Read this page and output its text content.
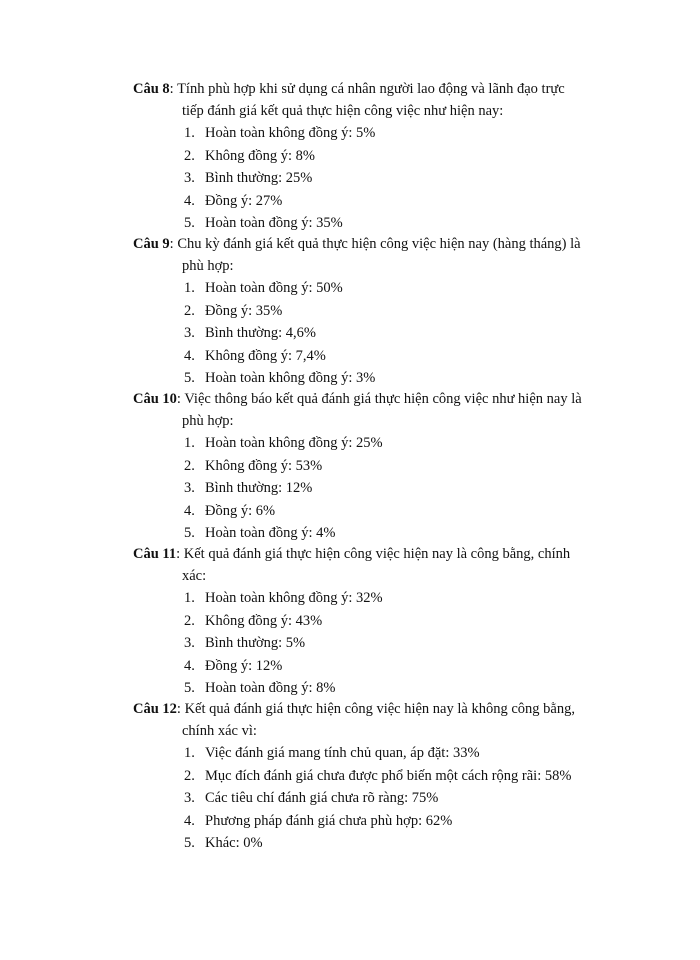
Câu 8: Tính phù hợp khi sử dụng cá nhân người lao động và lãnh đạo trực
tiếp đánh giá kết quả thực hiện công việc như hiện nay:
1. Hoàn toàn không đồng ý: 5%
2. Không đồng ý: 8%
3. Bình thường: 25%
4. Đồng ý: 27%
5. Hoàn toàn đồng ý: 35%
Câu 9: Chu kỳ đánh giá kết quả thực hiện công việc hiện nay (hàng tháng) là
phù hợp:
1. Hoàn toàn đồng ý: 50%
2. Đồng ý: 35%
3. Bình thường: 4,6%
4. Không đồng ý: 7,4%
5. Hoàn toàn không đồng ý: 3%
Câu 10: Việc thông báo kết quả đánh giá thực hiện công việc như hiện nay là
phù hợp:
1. Hoàn toàn không đồng ý: 25%
2. Không đồng ý: 53%
3. Bình thường: 12%
4. Đồng ý: 6%
5. Hoàn toàn đồng ý: 4%
Câu 11: Kết quả đánh giá thực hiện công việc hiện nay là công bằng, chính
xác:
1. Hoàn toàn không đồng ý: 32%
2. Không đồng ý: 43%
3. Bình thường: 5%
4. Đồng ý: 12%
5. Hoàn toàn đồng ý: 8%
Câu 12: Kết quả đánh giá thực hiện công việc hiện nay là không công bằng,
chính xác vì:
1. Việc đánh giá mang tính chủ quan, áp đặt: 33%
2. Mục đích đánh giá chưa được phổ biến một cách rộng rãi: 58%
3. Các tiêu chí đánh giá chưa rõ ràng: 75%
4. Phương pháp đánh giá chưa phù hợp: 62%
5. Khác: 0%
